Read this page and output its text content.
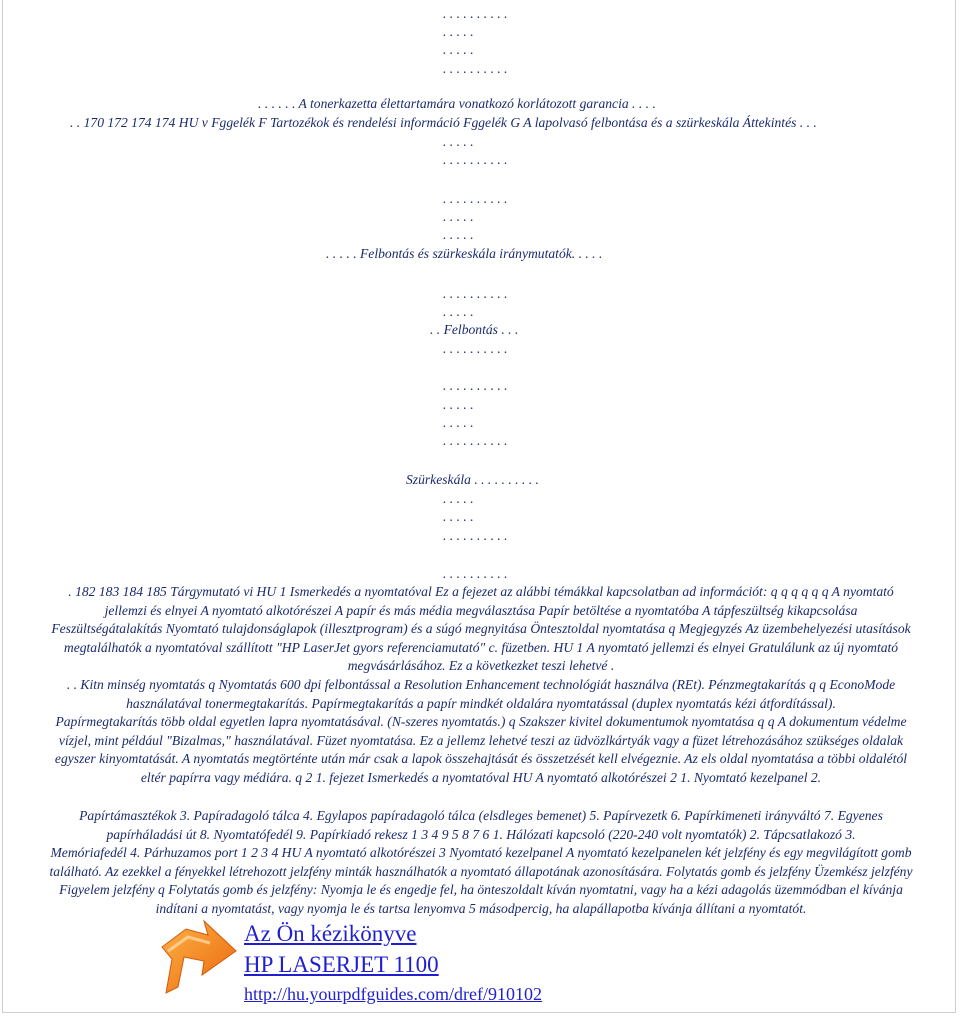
. . . . . . . . . .
. . . . .
. . . . .
. . . . . . . . . .
. . . . . . A tonerkazetta élettartamára vonatkozó korlátozott garancia . . . .
. . 170 172 174 174 HU v Fggelék F Tartozékok és rendelési információ Fggelék G A lapolvasó felbontása és a szürkeskála Áttekintés . . .
. . . . .
. . . . . . . . . .
. . . . . . . . . .
. . . . .
. . . . .
. . . . . Felbontás és szürkeskála iránymutatók. . . . .
. . . . . . . . . .
. . . . .
. . Felbontás . . .
. . . . . . . . . .
. . . . . . . . . .
. . . . .
. . . . .
. . . . . . . . . .
Szürkeskála . . . . . . . . . .
. . . . .
. . . . .
. . . . . . . . . .
. . . . . . . . . .
. 182 183 184 185 Tárgymutató vi HU 1 Ismerkedés a nyomtatóval Ez a fejezet az alábbi témákkal kapcsolatban ad információt: q q q q q q A nyomtató
jellemzi és elnyei A nyomtató alkotórészei A papír és más média megválasztása Papír betöltése a nyomtatóba A tápfeszültség kikapcsolása
Feszültségátalakítás Nyomtató tulajdonságlapok (illesztprogram) és a súgó megnyitása Öntesztoldal nyomtatása q Megjegyzés Az üzembehelyezési utasítások
megtalálhatók a nyomtatóval szállított "HP LaserJet gyors referenciamutató" c. füzetben. HU 1 A nyomtató jellemzi és elnyei Gratulálunk az új nyomtató
megvásárlásához. Ez a következket teszi lehetvé .
. . Kitn minség nyomtatás q Nyomtatás 600 dpi felbontással a Resolution Enhancement technológiát használva (REt). Pénzmegtakarítás q q EconoMode
használatával tonermegtakarítás. Papírmegtakarítás a papír mindkét oldalára nyomtatással (duplex nyomtatás kézi átfordítással).
Papírmegtakarítás több oldal egyetlen lapra nyomtatásával. (N-szeres nyomtatás.) q Szakszer kivitel dokumentumok nyomtatása q q A dokumentum védelme
vízjel, mint például "Bizalmas," használatával. Füzet nyomtatása. Ez a jellemz lehetvé teszi az üdvözlkártyák vagy a füzet létrehozásához szükséges oldalak
egyszer kinyomtatását. A nyomtatás megtörténte után már csak a lapok összehajtását és összetzését kell elvégeznie. Az els oldal nyomtatása a többi oldalétól
eltér papírra vagy médiára. q 2 1. fejezet Ismerkedés a nyomtatóval HU A nyomtató alkotórészei 2 1. Nyomtató kezelpanel 2.
Papírtámasztékok 3. Papíradagoló tálca 4. Egylapos papíradagoló tálca (elsdleges bemenet) 5. Papírvezetk 6. Papírkimeneti irányváltó 7. Egyenes
papírháladási út 8. Nyomtatófedél 9. Papírkiadó rekesz 1 3 4 9 5 8 7 6 1. Hálózati kapcsoló (220-240 volt nyomtatók) 2. Tápcsatlakozó 3.
Memóriafedél 4. Párhuzamos port 1 2 3 4 HU A nyomtató alkotórészei 3 Nyomtató kezelpanel A nyomtató kezelpanelen két jelzfény és egy megvilágított gomb
található. Az ezekkel a fényekkel létrehozott jelzfény minták használhatók a nyomtató állapotának azonosítására. Folytatás gomb és jelzfény Üzemkész jelzfény
Figyelem jelzfény q Folytatás gomb és jelzfény: Nyomja le és engedje fel, ha önteszoldalt kíván nyomtatni, vagy ha a kézi adagolás üzemmódban el kívánja
indítani a nyomtatást, vagy nyomja le és tartsa lenyomva 5 másodpercig, ha alapállapotba kívánja állítani a nyomtatót.
Az Ön kézikönyve
HP LASERJET 1100
http://hu.yourpdfguides.com/dref/910102
